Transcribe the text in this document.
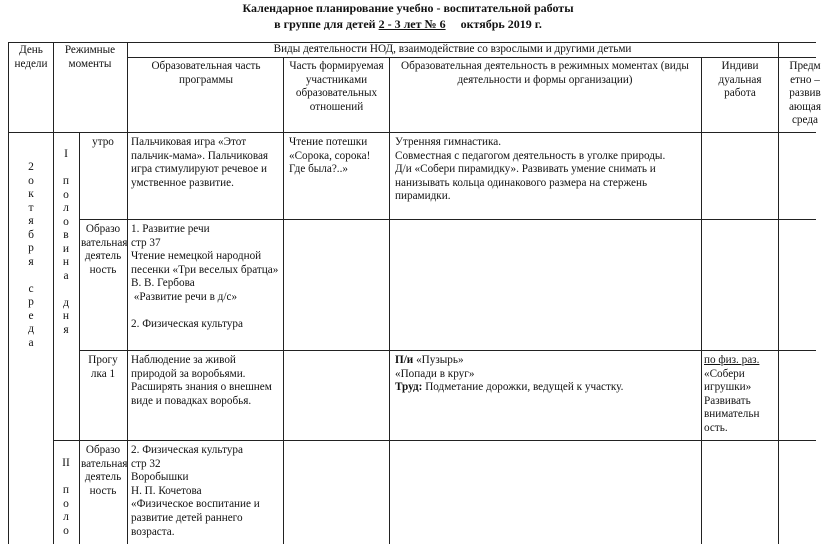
Календарное планирование учебно - воспитательной работы
в группе для детей 2 - 3 лет № 6 октябрь 2019 г.
День недели
Режимные моменты
Виды деятельности НОД, взаимодействие со взрослыми и другими детьми
Образовательная часть программы
Часть формируемая участниками образовательных отношений
Образовательная деятельность в режимных моментах (виды деятельности и формы организации)
Индиви дуальная работа
Предм етно – развив ающая среда
2
о
к
т
я
б
р
я

с
р
е
д
а
I

п
о
л
о
в
и
н
а

д
н
я
II

п
о
л
о
утро	Пальчиковая игра «Этот пальчик-мама». Пальчиковая игра стимулируют речевое и умственное развитие.
Чтение потешки «Сорока, сорока! Где была?..»
Утренняя гимнастика.
Совместная с педагогом деятельность в уголке природы.
Д/и «Собери пирамидку». Развивать умение снимать и нанизывать кольца одинакового размера на стержень пирамидки.
Образо вательная деятель ность
1. Развитие речи
стр 37
Чтение немецкой народной песенки «Три веселых братца»
В. В. Гербова
«Развитие речи в д/с»
2. Физическая культура
Прогу лка 1
Наблюдение за живой природой за воробьями. Расширять знания о внешнем виде и повадках воробья.
П/и «Пузырь»
«Попади в круг»
Труд: Подметание дорожки, ведущей к участку.
по физ. раз.
«Собери игрушки»
Развивать внимательн ость.
Образо вательная деятель ность
2. Физическая культура
стр 32
Воробышки
Н. П. Кочетова
«Физическое воспитание и развитие детей раннего возраста.
